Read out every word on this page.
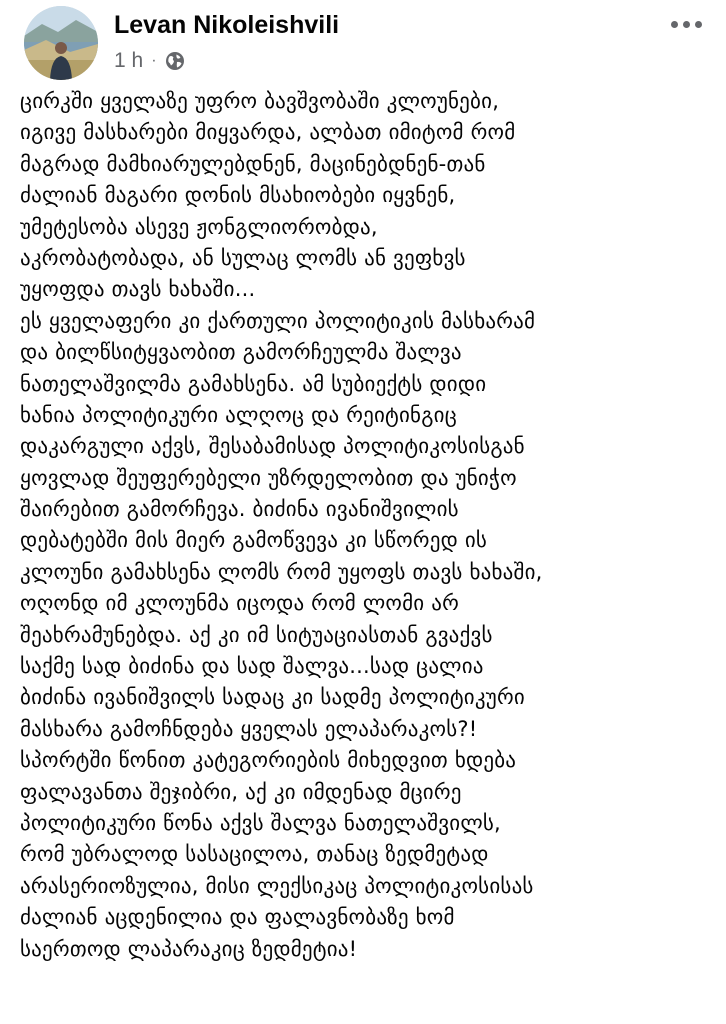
Levan Nikoleishvili
1 h ·
ცირკში ყველაზე უფრო ბავშვობაში კლოუნები,
იგივე მასხარები მიყვარდა, ალბათ იმიტომ რომ
მაგრად მამხიარულებდნენ, მაცინებდნენ-თან
ძალიან მაგარი დონის მსახიობები იყვნენ,
უმეტესობა ასევე ჟონგლიორობდა,
აკრობატობადა, ან სულაც ლომს ან ვეფხვს
უყოფდა თავს ხახაში...
ეს ყველაფერი კი ქართული პოლიტიკის მასხარამ
და ბილწსიტყვაობით გამორჩეულმა შალვა
ნათელაშვილმა გამახსენა. ამ სუბიექტს დიდი
ხანია პოლიტიკური ალღოც და რეიტინგიც
დაკარგული აქვს, შესაბამისად პოლიტიკოსისგან
ყოვლად შეუფერებელი უზრდელობით და უნიჭო
შაირებით გამორჩევა. ბიძინა ივანიშვილის
დებატებში მის მიერ გამოწვევა კი სწორედ ის
კლოუნი გამახსენა ლომს რომ უყოფს თავს ხახაში,
ოღონდ იმ კლოუნმა იცოდა რომ ლომი არ
შეახრამუნებდა. აქ კი იმ სიტუაციასთან გვაქვს
საქმე სად ბიძინა და სად შალვა...სად ცალია
ბიძინა ივანიშვილს სადაც კი სადმე პოლიტიკური
მასხარა გამოჩნდება ყველას ელაპარაკოს?!
სპორტში წონით კატეგორიების მიხედვით ხდება
ფალავანთა შეჯიბრი, აქ კი იმდენად მცირე
პოლიტიკური წონა აქვს შალვა ნათელაშვილს,
რომ უბრალოდ სასაცილოა, თანაც ზედმეტად
არასერიოზულია, მისი ლექსიკაც პოლიტიკოსისას
ძალიან აცდენილია და ფალავნობაზე ხომ
საერთოდ ლაპარაკიც ზედმეტია!
